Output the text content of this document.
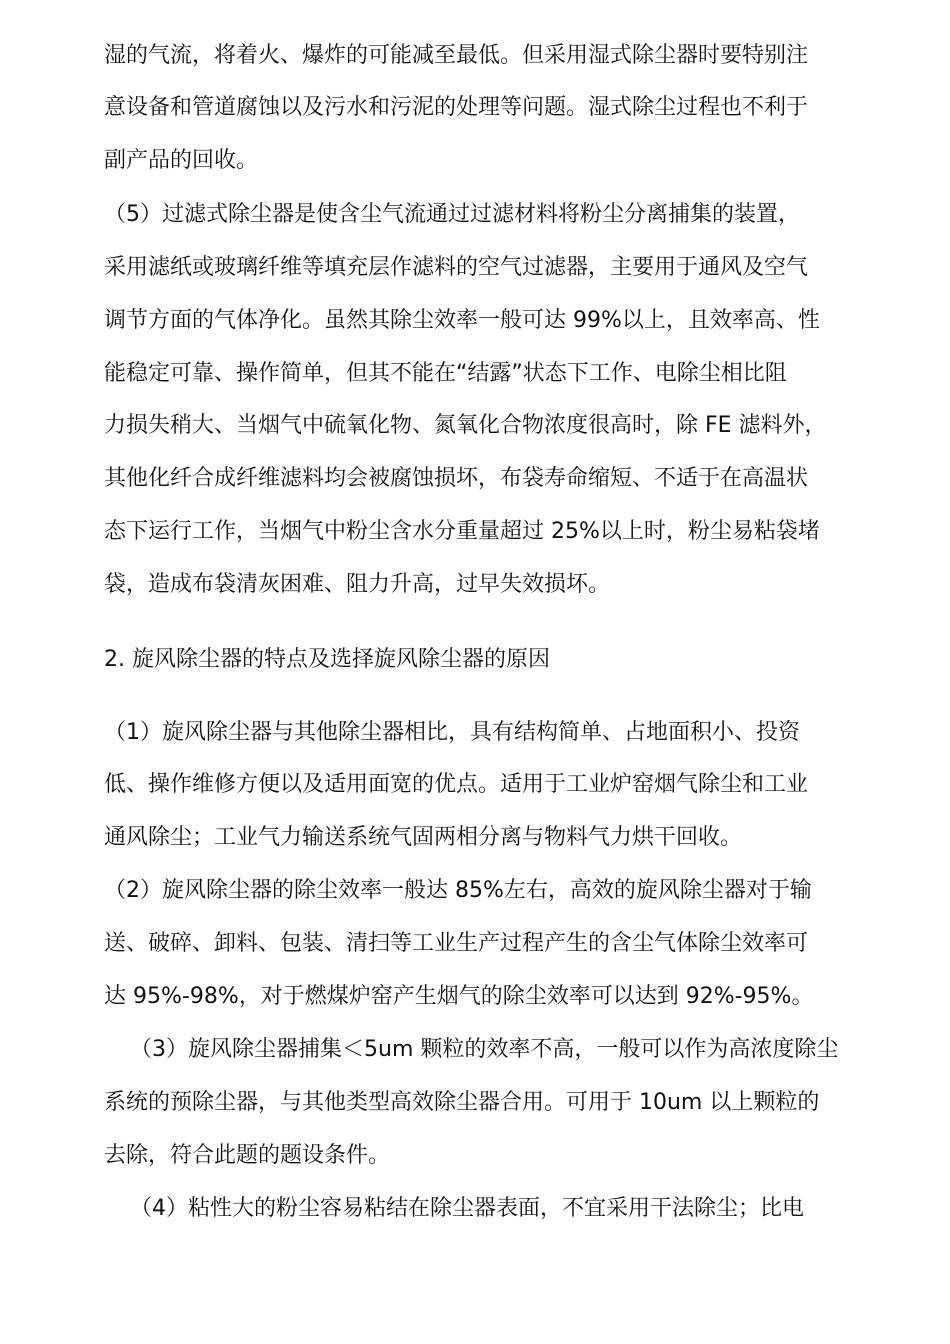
湿的气流，将着火、爆炸的可能减至最低。但采用湿式除尘器时要特别注
意设备和管道腐蚀以及污水和污泥的处理等问题。湿式除尘过程也不利于
副产品的回收。
（5）过滤式除尘器是使含尘气流通过过滤材料将粉尘分离捕集的装置，
采用滤纸或玻璃纤维等填充层作滤料的空气过滤器，主要用于通风及空气
调节方面的气体净化。虽然其除尘效率一般可达 99%以上，且效率高、性
能稳定可靠、操作简单，但其不能在“结露”状态下工作、电除尘相比阻
力损失稍大、当烟气中硫氧化物、氮氧化合物浓度很高时，除 FE 滤料外，
其他化纤合成纤维滤料均会被腐蚀损坏，布袋寿命缩短、不适于在高温状
态下运行工作，当烟气中粉尘含水分重量超过 25%以上时，粉尘易粘袋堵
袋，造成布袋清灰困难、阻力升高，过早失效损坏。
2. 旋风除尘器的特点及选择旋风除尘器的原因
（1）旋风除尘器与其他除尘器相比，具有结构简单、占地面积小、投资
低、操作维修方便以及适用面宽的优点。适用于工业炉窑烟气除尘和工业
通风除尘；工业气力输送系统气固两相分离与物料气力烘干回收。
（2）旋风除尘器的除尘效率一般达 85%左右，高效的旋风除尘器对于输
送、破碎、卸料、包装、清扫等工业生产过程产生的含尘气体除尘效率可
达 95%-98%，对于燃煤炉窑产生烟气的除尘效率可以达到 92%-95%。
（3）旋风除尘器捕集＜5um 颗粒的效率不高，一般可以作为高浓度除尘
系统的预除尘器，与其他类型高效除尘器合用。可用于 10um 以上颗粒的
去除，符合此题的题设条件。
（4）粘性大的粉尘容易粘结在除尘器表面，不宜采用干法除尘；比电
